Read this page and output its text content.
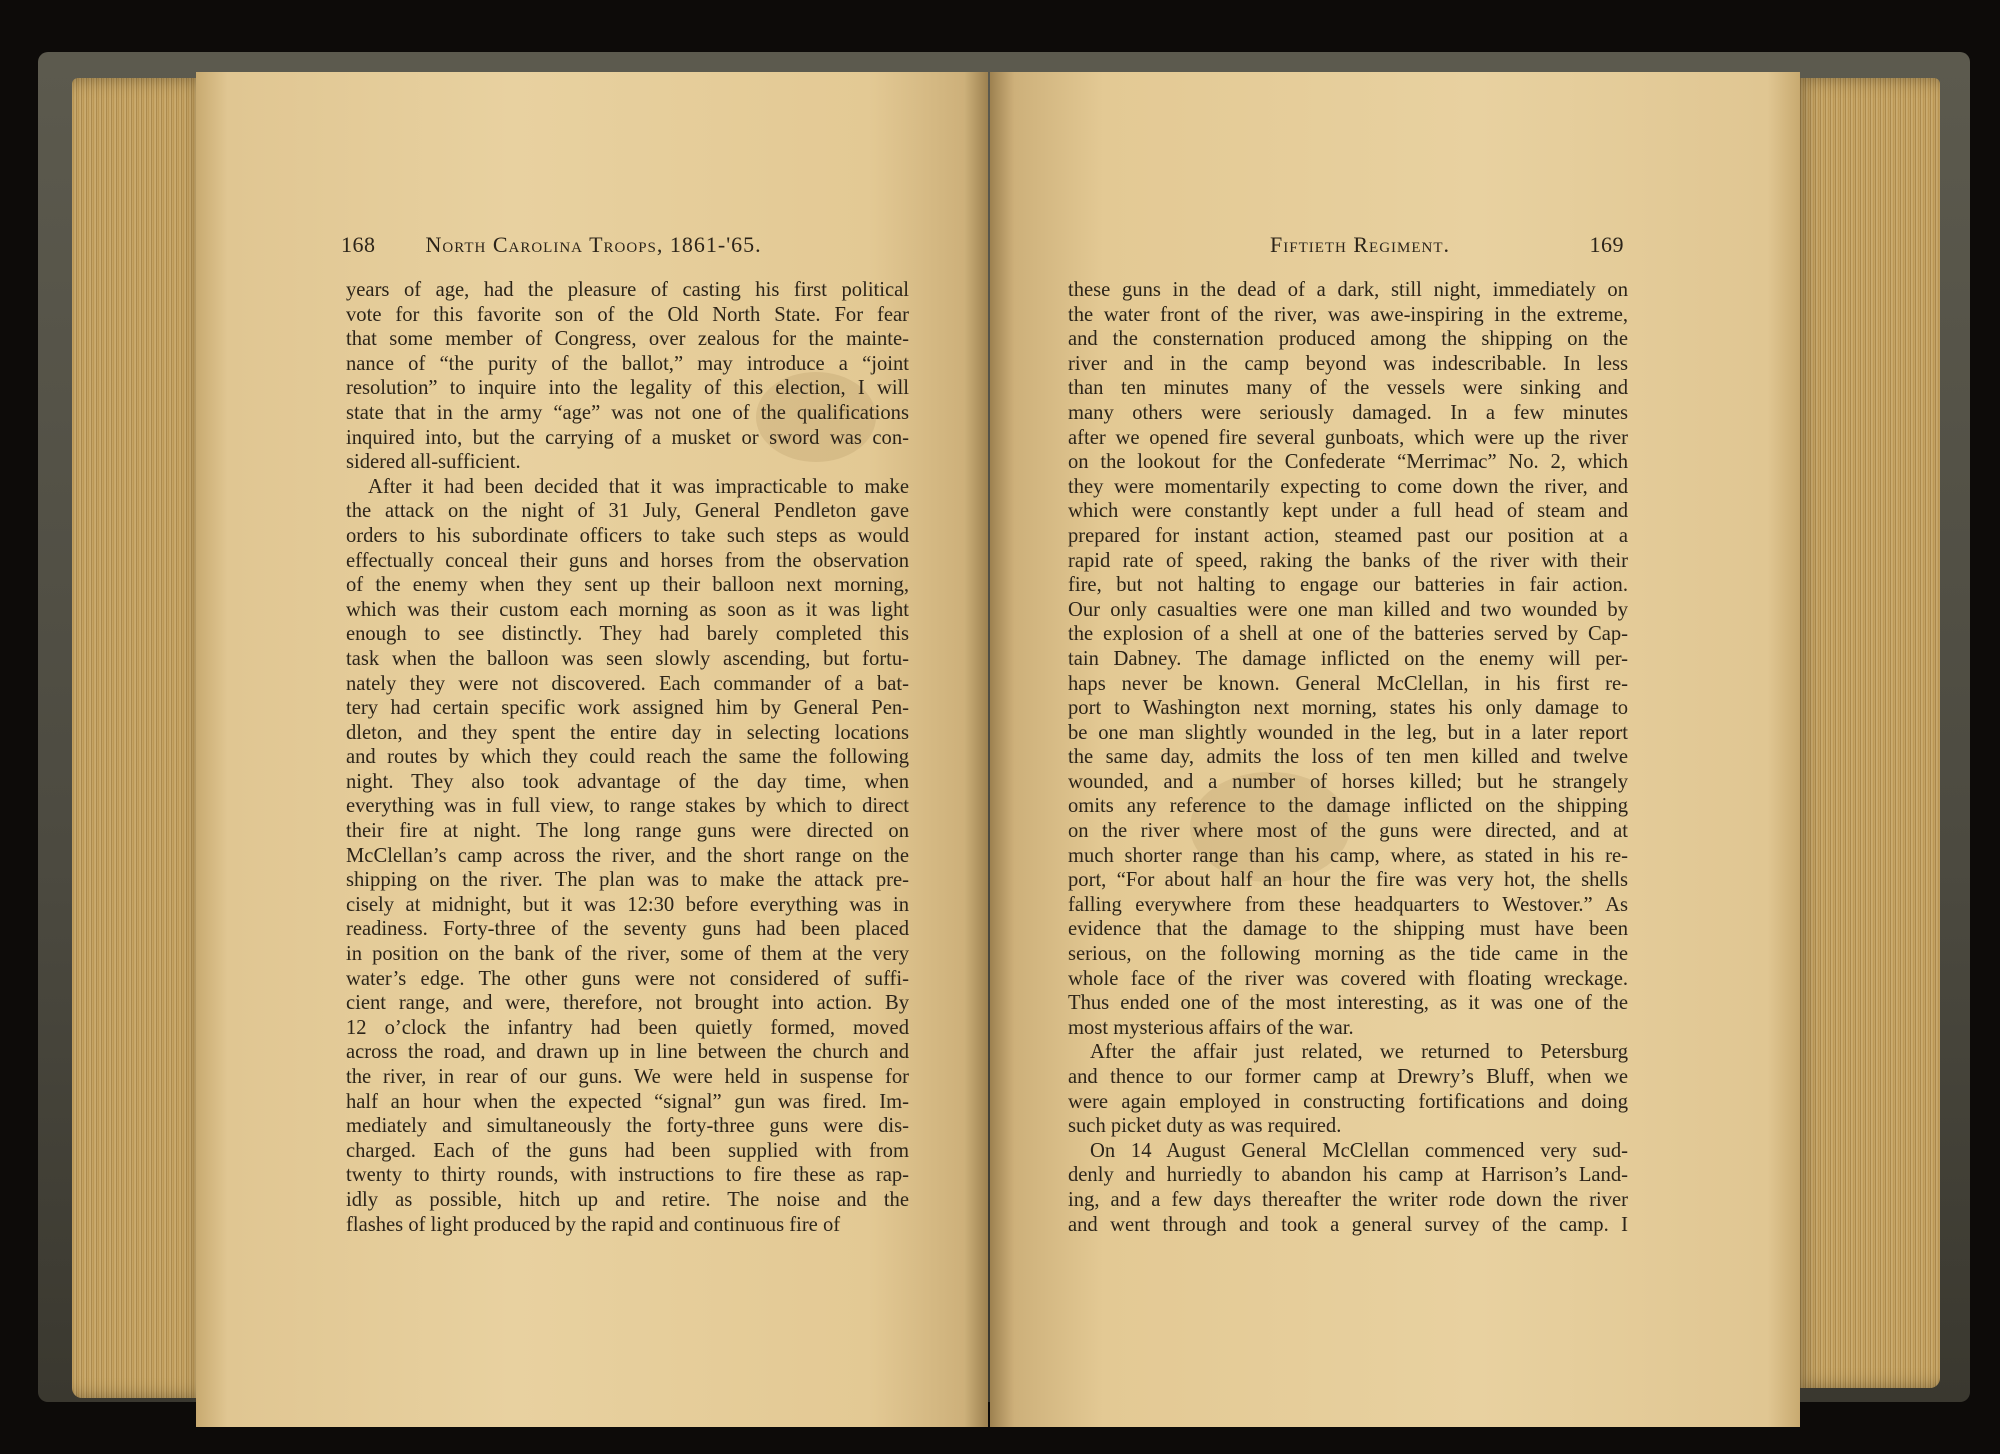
168 North Carolina Troops, 1861-'65.
years of age, had the pleasure of casting his first political
vote for this favorite son of the Old North State. For fear
that some member of Congress, over zealous for the mainte-
nance of “the purity of the ballot,” may introduce a “joint
resolution” to inquire into the legality of this election, I will
state that in the army “age” was not one of the qualifications
inquired into, but the carrying of a musket or sword was con-
sidered all-sufficient.
After it had been decided that it was impracticable to make
the attack on the night of 31 July, General Pendleton gave
orders to his subordinate officers to take such steps as would
effectually conceal their guns and horses from the observation
of the enemy when they sent up their balloon next morning,
which was their custom each morning as soon as it was light
enough to see distinctly. They had barely completed this
task when the balloon was seen slowly ascending, but fortu-
nately they were not discovered. Each commander of a bat-
tery had certain specific work assigned him by General Pen-
dleton, and they spent the entire day in selecting locations
and routes by which they could reach the same the following
night. They also took advantage of the day time, when
everything was in full view, to range stakes by which to direct
their fire at night. The long range guns were directed on
McClellan’s camp across the river, and the short range on the
shipping on the river. The plan was to make the attack pre-
cisely at midnight, but it was 12:30 before everything was in
readiness. Forty-three of the seventy guns had been placed
in position on the bank of the river, some of them at the very
water’s edge. The other guns were not considered of suffi-
cient range, and were, therefore, not brought into action. By
12 o’clock the infantry had been quietly formed, moved
across the road, and drawn up in line between the church and
the river, in rear of our guns. We were held in suspense for
half an hour when the expected “signal” gun was fired. Im-
mediately and simultaneously the forty-three guns were dis-
charged. Each of the guns had been supplied with from
twenty to thirty rounds, with instructions to fire these as rap-
idly as possible, hitch up and retire. The noise and the
flashes of light produced by the rapid and continuous fire of
Fiftieth Regiment.	169
these guns in the dead of a dark, still night, immediately on
the water front of the river, was awe-inspiring in the extreme,
and the consternation produced among the shipping on the
river and in the camp beyond was indescribable. In less
than ten minutes many of the vessels were sinking and
many others were seriously damaged. In a few minutes
after we opened fire several gunboats, which were up the river
on the lookout for the Confederate “Merrimac” No. 2, which
they were momentarily expecting to come down the river, and
which were constantly kept under a full head of steam and
prepared for instant action, steamed past our position at a
rapid rate of speed, raking the banks of the river with their
fire, but not halting to engage our batteries in fair action.
Our only casualties were one man killed and two wounded by
the explosion of a shell at one of the batteries served by Cap-
tain Dabney. The damage inflicted on the enemy will per-
haps never be known. General McClellan, in his first re-
port to Washington next morning, states his only damage to
be one man slightly wounded in the leg, but in a later report
the same day, admits the loss of ten men killed and twelve
wounded, and a number of horses killed; but he strangely
omits any reference to the damage inflicted on the shipping
on the river where most of the guns were directed, and at
much shorter range than his camp, where, as stated in his re-
port, “For about half an hour the fire was very hot, the shells
falling everywhere from these headquarters to Westover.” As
evidence that the damage to the shipping must have been
serious, on the following morning as the tide came in the
whole face of the river was covered with floating wreckage.
Thus ended one of the most interesting, as it was one of the
most mysterious affairs of the war.
After the affair just related, we returned to Petersburg
and thence to our former camp at Drewry’s Bluff, when we
were again employed in constructing fortifications and doing
such picket duty as was required.
On 14 August General McClellan commenced very sud-
denly and hurriedly to abandon his camp at Harrison’s Land-
ing, and a few days thereafter the writer rode down the river
and went through and took a general survey of the camp. I
